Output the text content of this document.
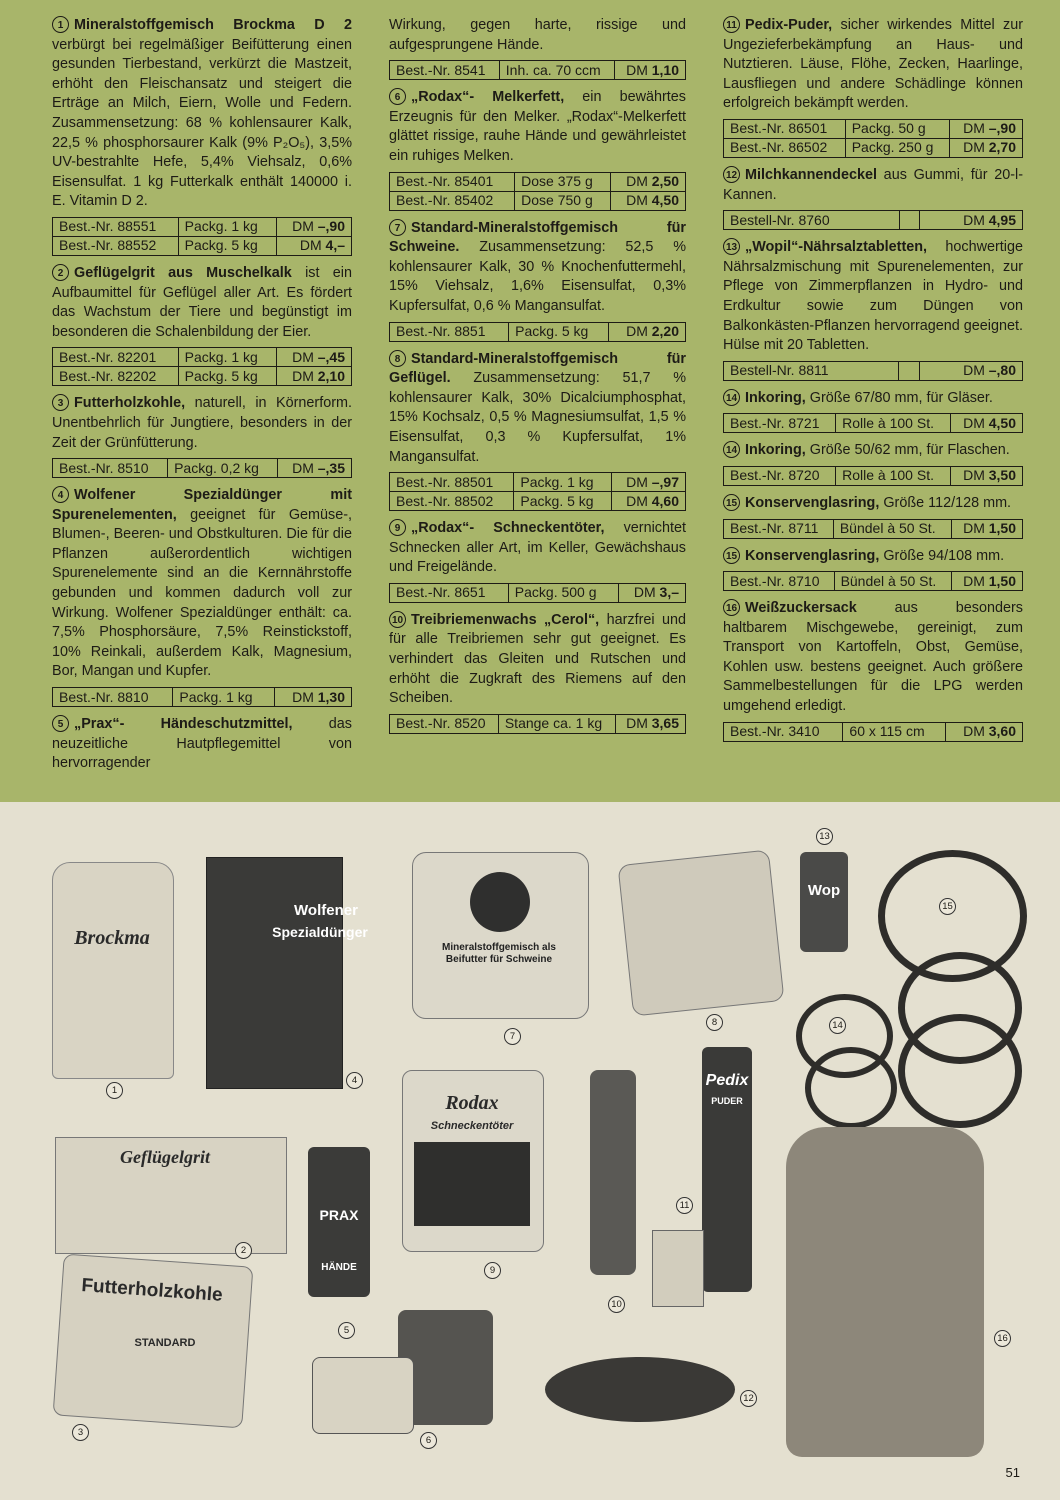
1 Mineralstoffgemisch Brockma D 2 verbürgt bei regelmäßiger Beifütterung einen gesunden Tierbestand, verkürzt die Mastzeit, erhöht den Fleischansatz und steigert die Erträge an Milch, Eiern, Wolle und Federn. Zusammensetzung: 68 % kohlensaurer Kalk, 22,5 % phosphorsaurer Kalk (9% P₂O₅), 3,5% UV-bestrahlte Hefe, 5,4% Viehsalz, 0,6% Eisensulfat. 1 kg Futterkalk enthält 140000 i. E. Vitamin D 2.
Best.-Nr. 88551	Packg. 1 kg	DM –,90
Best.-Nr. 88552	Packg. 5 kg	DM 4,–
2 Geflügelgrit aus Muschelkalk ist ein Aufbaumittel für Geflügel aller Art. Es fördert das Wachstum der Tiere und begünstigt im besonderen die Schalenbildung der Eier.
Best.-Nr. 82201	Packg. 1 kg	DM –,45
Best.-Nr. 82202	Packg. 5 kg	DM 2,10
3 Futterholzkohle, naturell, in Körnerform. Unentbehrlich für Jungtiere, besonders in der Zeit der Grünfütterung.
Best.-Nr. 8510	Packg. 0,2 kg	DM –,35
4 Wolfener Spezialdünger mit Spurenelementen, geeignet für Gemüse-, Blumen-, Beeren- und Obstkulturen. Die für die Pflanzen außerordentlich wichtigen Spurenelemente sind an die Kernnährstoffe gebunden und kommen dadurch voll zur Wirkung. Wolfener Spezialdünger enthält: ca. 7,5% Phosphorsäure, 7,5% Reinstickstoff, 10% Reinkali, außerdem Kalk, Magnesium, Bor, Mangan und Kupfer.
Best.-Nr. 8810	Packg. 1 kg	DM 1,30
5 „Prax“- Händeschutzmittel, das neuzeitliche Hautpflegemittel von hervorragender
Wirkung, gegen harte, rissige und aufgesprungene Hände.
Best.-Nr. 8541	Inh. ca. 70 ccm	DM 1,10
6 „Rodax“- Melkerfett, ein bewährtes Erzeugnis für den Melker. „Rodax“-Melkerfett glättet rissige, rauhe Hände und gewährleistet ein ruhiges Melken.
Best.-Nr. 85401	Dose 375 g	DM 2,50
Best.-Nr. 85402	Dose 750 g	DM 4,50
7 Standard-Mineralstoffgemisch für Schweine. Zusammensetzung: 52,5 % kohlensaurer Kalk, 30 % Knochenfuttermehl, 15% Viehsalz, 1,6% Eisensulfat, 0,3% Kupfersulfat, 0,6 % Mangansulfat.
Best.-Nr. 8851	Packg. 5 kg	DM 2,20
8 Standard-Mineralstoffgemisch für Geflügel. Zusammensetzung: 51,7 % kohlensaurer Kalk, 30% Dicalciumphosphat, 15% Kochsalz, 0,5 % Magnesiumsulfat, 1,5 % Eisensulfat, 0,3 % Kupfersulfat, 1% Mangansulfat.
Best.-Nr. 88501	Packg. 1 kg	DM –,97
Best.-Nr. 88502	Packg. 5 kg	DM 4,60
9 „Rodax“- Schneckentöter, vernichtet Schnecken aller Art, im Keller, Gewächshaus und Freigelände.
Best.-Nr. 8651	Packg. 500 g	DM 3,–
10 Treibriemenwachs „Cerol“, harzfrei und für alle Treibriemen sehr gut geeignet. Es verhindert das Gleiten und Rutschen und erhöht die Zugkraft des Riemens auf den Scheiben.
Best.-Nr. 8520	Stange ca. 1 kg	DM 3,65
11 Pedix-Puder, sicher wirkendes Mittel zur Ungezieferbekämpfung an Haus- und Nutztieren. Läuse, Flöhe, Zecken, Haarlinge, Lausfliegen und andere Schädlinge können erfolgreich bekämpft werden.
Best.-Nr. 86501	Packg. 50 g	DM –,90
Best.-Nr. 86502	Packg. 250 g	DM 2,70
12 Milchkannendeckel aus Gummi, für 20-l-Kannen.
Bestell-Nr. 8760		DM 4,95
13 „Wopil“-Nährsalztabletten, hochwertige Nährsalzmischung mit Spurenelementen, zur Pflege von Zimmerpflanzen in Hydro- und Erdkultur sowie zum Düngen von Balkonkästen-Pflanzen hervorragend geeignet. Hülse mit 20 Tabletten.
Bestell-Nr. 8811		DM –,80
14 Inkoring, Größe 67/80 mm, für Gläser.
Best.-Nr. 8721	Rolle à 100 St.	DM 4,50
14 Inkoring, Größe 50/62 mm, für Flaschen.
Best.-Nr. 8720	Rolle à 100 St.	DM 3,50
15 Konservenglasring, Größe 112/128 mm.
Best.-Nr. 8711	Bündel à 50 St.	DM 1,50
15 Konservenglasring, Größe 94/108 mm.
Best.-Nr. 8710	Bündel à 50 St.	DM 1,50
16 Weißzuckersack aus besonders haltbarem Mischgewebe, gereinigt, zum Transport von Kartoffeln, Obst, Gemüse, Kohlen usw. bestens geeignet. Auch größere Sammelbestellungen für die LPG werden umgehend erledigt.
Best.-Nr. 3410	60 x 115 cm	DM 3,60
Brockma
Wolfener
Spezialdünger
Mineralstoffgemisch als Beifutter für Schweine
Wop
Geflügelgrit
PRAX
HÄNDE
Rodax
Schneckentöter
Pedix
PUDER
Futterholzkohle
STANDARD
1
2
3
4
5
6
7
8
9
10
11
12
13
14
15
16
51
